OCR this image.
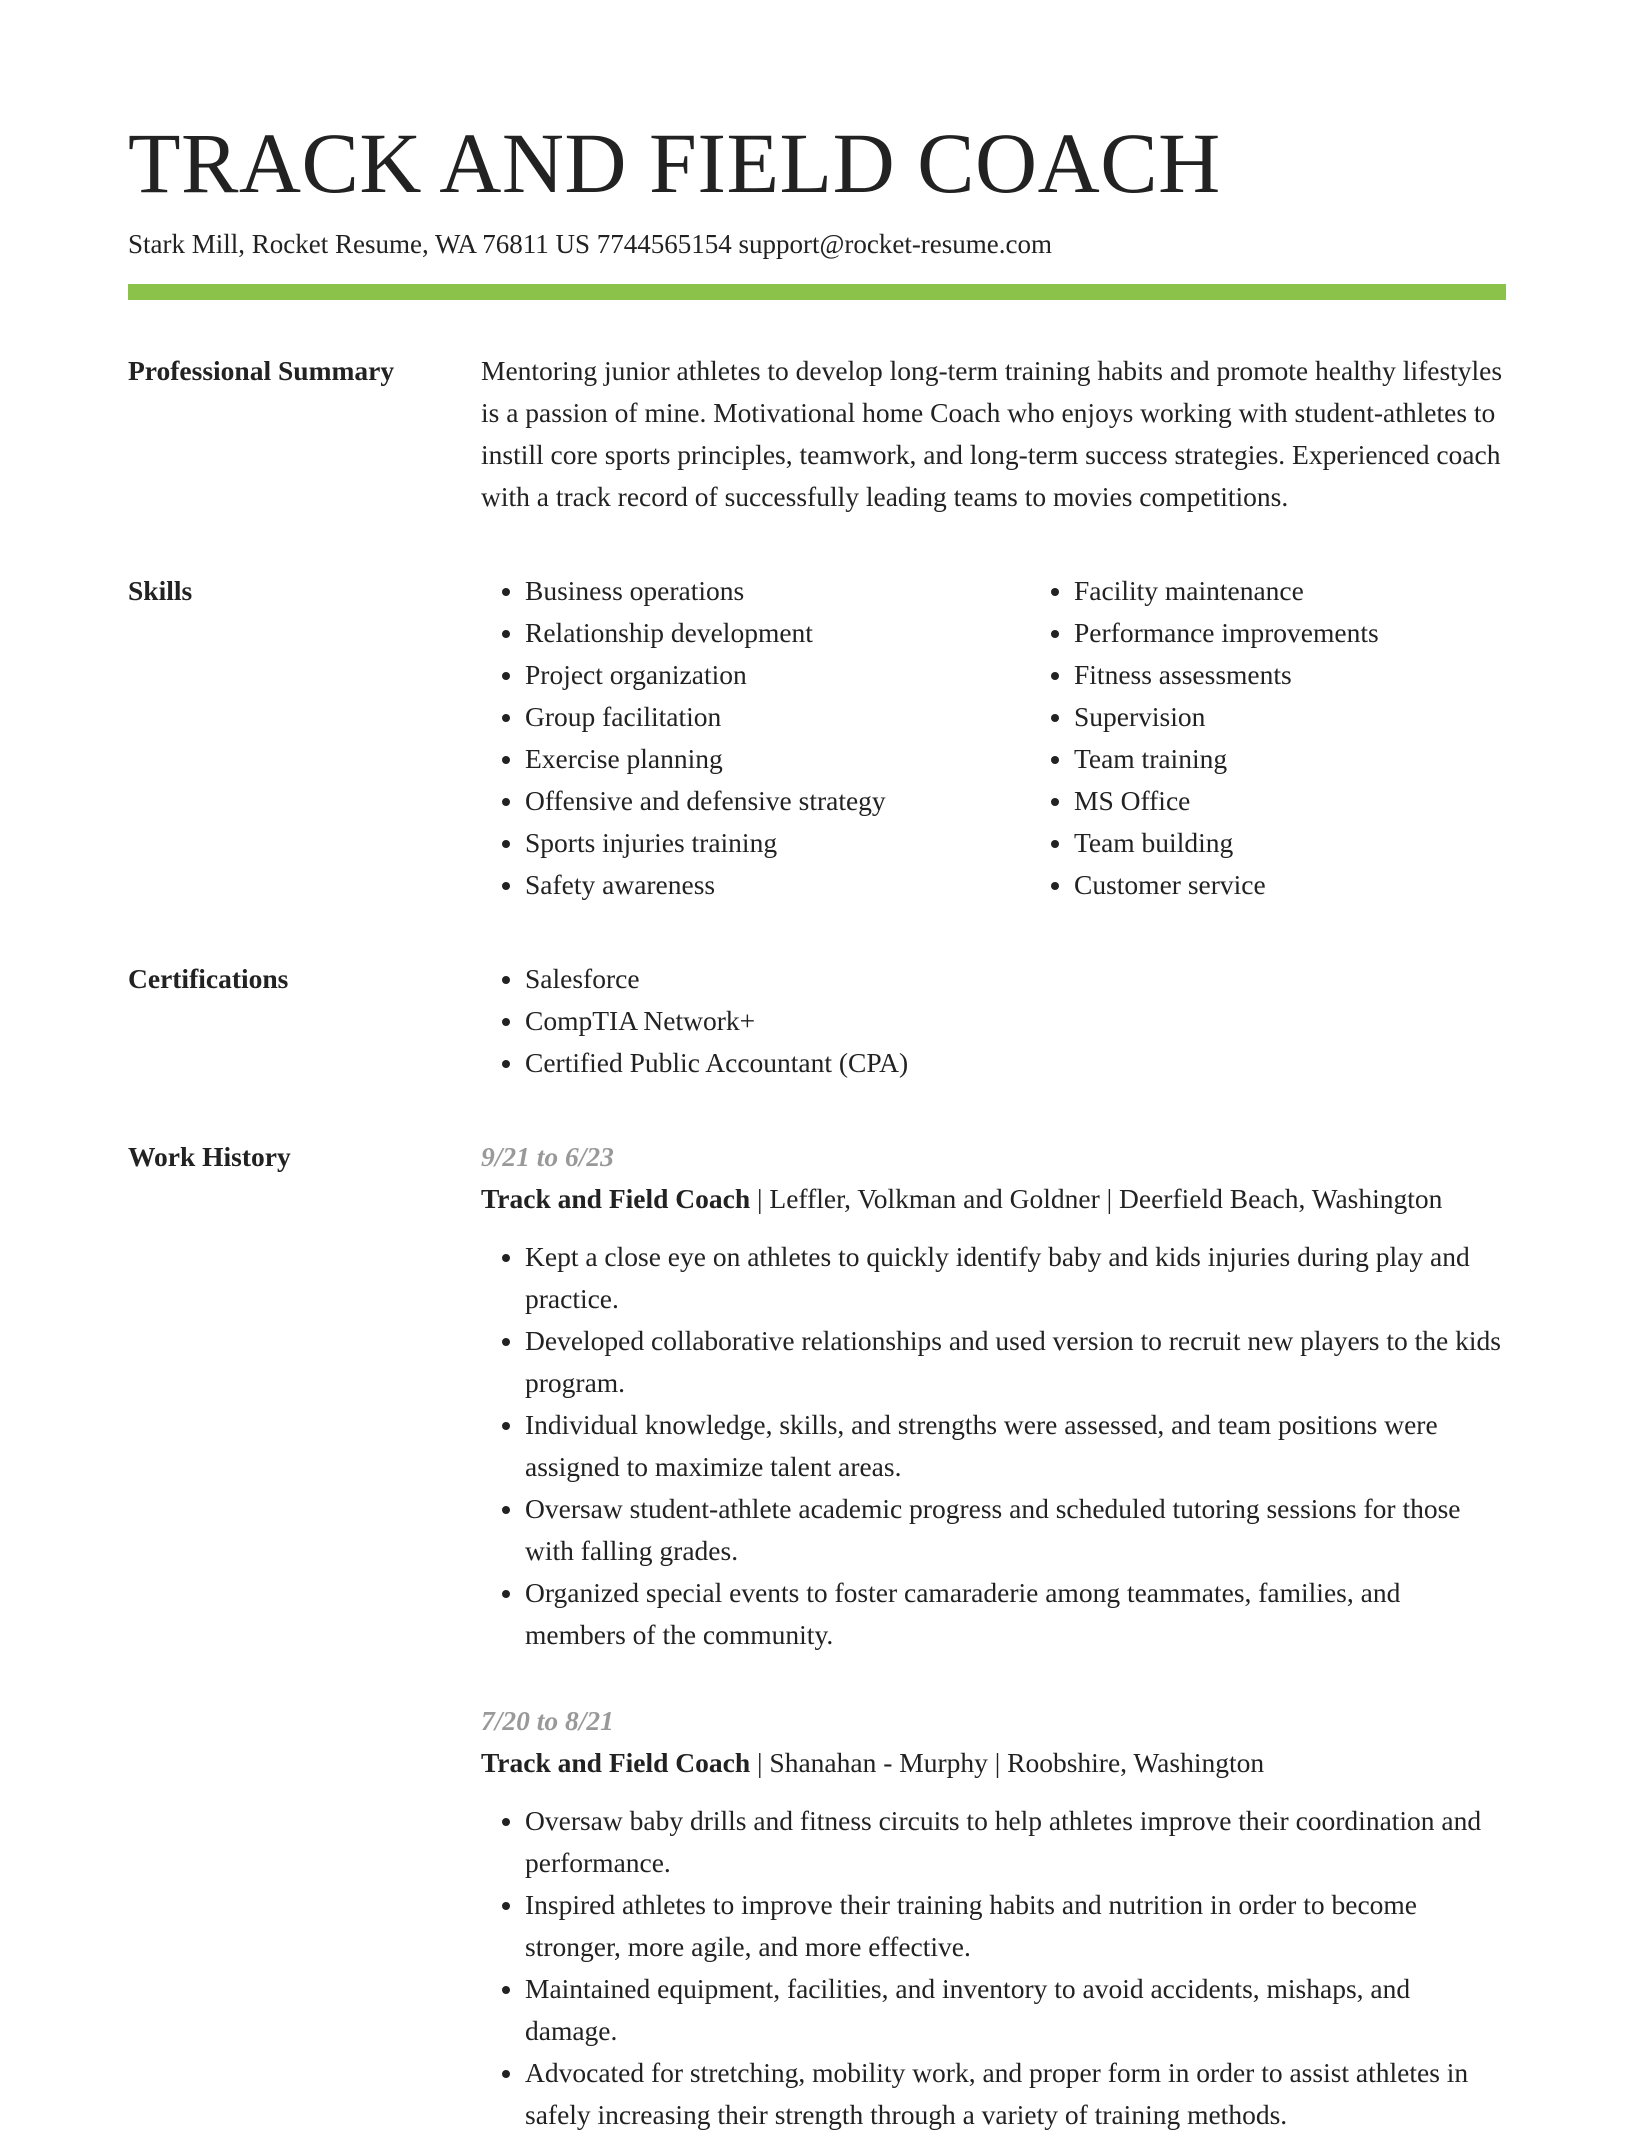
TRACK AND FIELD COACH
Stark Mill, Rocket Resume, WA 76811 US 7744565154 support@rocket-resume.com
Professional Summary	Mentoring junior athletes to develop long-term training habits and promote healthy lifestyles is a passion of mine. Motivational home Coach who enjoys working with student-athletes to instill core sports principles, teamwork, and long-term success strategies. Experienced coach with a track record of successfully leading teams to movies competitions.

Skills	• Business operations
• Relationship development
• Project organization
• Group facilitation
• Exercise planning
• Offensive and defensive strategy
• Sports injuries training
• Safety awareness
• Facility maintenance
• Performance improvements
• Fitness assessments
• Supervision
• Team training
• MS Office
• Team building
• Customer service
Certifications	• Salesforce
• CompTIA Network+
• Certified Public Accountant (CPA)
Work History	9/21 to 6/23
Track and Field Coach | Leffler, Volkman and Goldner | Deerfield Beach, Washington
• Kept a close eye on athletes to quickly identify baby and kids injuries during play and practice.
• Developed collaborative relationships and used version to recruit new players to the kids program.
• Individual knowledge, skills, and strengths were assessed, and team positions were assigned to maximize talent areas.
• Oversaw student-athlete academic progress and scheduled tutoring sessions for those with falling grades.
• Organized special events to foster camaraderie among teammates, families, and members of the community.
7/20 to 8/21
Track and Field Coach | Shanahan - Murphy | Roobshire, Washington
• Oversaw baby drills and fitness circuits to help athletes improve their coordination and performance.
• Inspired athletes to improve their training habits and nutrition in order to become stronger, more agile, and more effective.
• Maintained equipment, facilities, and inventory to avoid accidents, mishaps, and damage.
• Advocated for stretching, mobility work, and proper form in order to assist athletes in safely increasing their strength through a variety of training methods.
